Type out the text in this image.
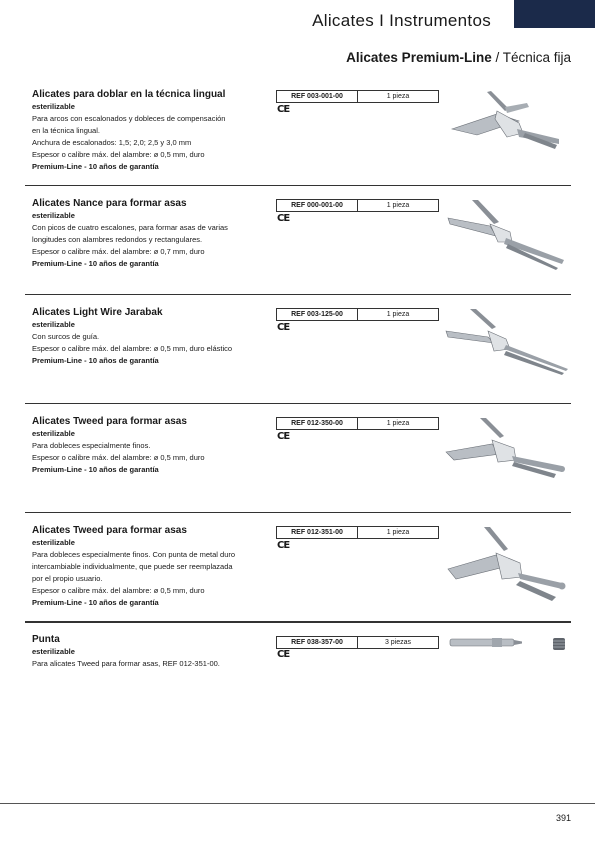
Alicates I Instrumentos
Alicates Premium-Line / Técnica fija
Alicates para doblar en la técnica lingual
esterilizable
Para arcos con escalonados y dobleces de compensación
en la técnica lingual.
Anchura de escalonados: 1,5; 2,0; 2,5 y 3,0 mm
Espesor o calibre máx. del alambre: ø 0,5 mm, duro
Premium-Line - 10 años de garantía
REF 003-001-00	1 pieza
CE
Alicates Nance para formar asas
esterilizable
Con picos de cuatro escalones, para formar asas de varias
longitudes con alambres redondos y rectangulares.
Espesor o calibre máx. del alambre: ø 0,7 mm, duro
Premium-Line - 10 años de garantía
REF 000-001-00	1 pieza
CE
Alicates Light Wire Jarabak
esterilizable
Con surcos de guía.
Espesor o calibre máx. del alambre: ø 0,5 mm, duro elástico
Premium-Line - 10 años de garantía
REF 003-125-00	1 pieza
CE
Alicates Tweed para formar asas
esterilizable
Para dobleces especialmente finos.
Espesor o calibre máx. del alambre: ø 0,5 mm, duro
Premium-Line - 10 años de garantía
REF 012-350-00	1 pieza
CE
Alicates Tweed para formar asas
esterilizable
Para dobleces especialmente finos. Con punta de metal duro
intercambiable individualmente, que puede ser reemplazada
por el propio usuario.
Espesor o calibre máx. del alambre: ø 0,5 mm, duro
Premium-Line - 10 años de garantía
REF 012-351-00	1 pieza
CE
Punta
esterilizable
Para alicates Tweed para formar asas, REF 012-351-00.
REF 038-357-00	3 piezas
CE
391
